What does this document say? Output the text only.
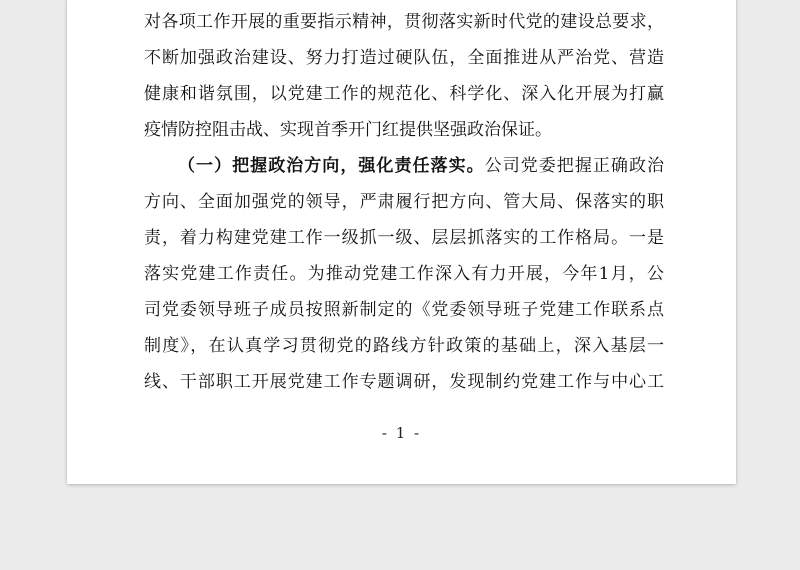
对各项工作开展的重要指示精神，贯彻落实新时代党的建设总要求，
不断加强政治建设、努力打造过硬队伍，全面推进从严治党、营造
健康和谐氛围，以党建工作的规范化、科学化、深入化开展为打赢
疫情防控阻击战、实现首季开门红提供坚强政治保证。
（一）把握政治方向，强化责任落实。公司党委把握正确政治
方向、全面加强党的领导，严肃履行把方向、管大局、保落实的职
责，着力构建党建工作一级抓一级、层层抓落实的工作格局。一是
落实党建工作责任。为推动党建工作深入有力开展，今年1月，公
司党委领导班子成员按照新制定的《党委领导班子党建工作联系点
制度》，在认真学习贯彻党的路线方针政策的基础上，深入基层一
线、干部职工开展党建工作专题调研，发现制约党建工作与中心工
- 1 -
